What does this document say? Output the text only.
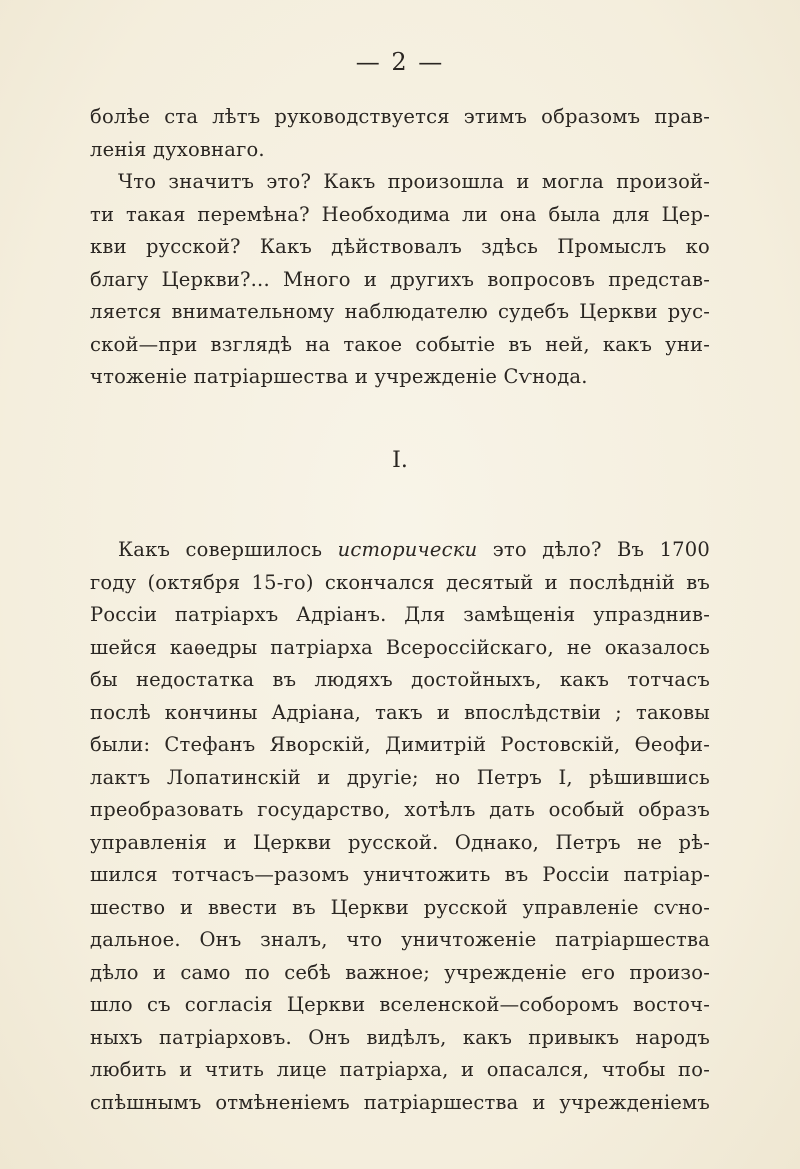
— 2 —
болѣе ста лѣтъ руководствуется этимъ образомъ прав-
ленія духовнаго.
Что значитъ это? Какъ произошла и могла произой-
ти такая перемѣна? Необходима ли она была для Цер-
кви русской? Какъ дѣйствовалъ здѣсь Промыслъ ко
благу Церкви?... Много и другихъ вопросовъ представ-
ляется внимательному наблюдателю судебъ Церкви рус-
ской—при взглядѣ на такое событіе въ ней, какъ уни-
чтоженіе патріаршества и учрежденіе Сѵнода.
I.
Какъ совершилось исторически это дѣло? Въ 1700
году (октября 15-го) скончался десятый и послѣдній въ
Россіи патріархъ Адріанъ. Для замѣщенія упразднив-
шейся каѳедры патріарха Всероссійскаго, не оказалось
бы недостатка въ людяхъ достойныхъ, какъ тотчасъ
послѣ кончины Адріана, такъ и впослѣдствіи ; таковы
были: Стефанъ Яворскій, Димитрій Ростовскій, Ѳеофи-
лактъ Лопатинскій и другіе; но Петръ І, рѣшившись
преобразовать государство, хотѣлъ дать особый образъ
управленія и Церкви русской. Однако, Петръ не рѣ-
шился тотчасъ—разомъ уничтожить въ Россіи патріар-
шество и ввести въ Церкви русской управленіе сѵно-
дальное. Онъ зналъ, что уничтоженіе патріаршества
дѣло и само по себѣ важное; учрежденіе его произо-
шло съ согласія Церкви вселенской—соборомъ восточ-
ныхъ патріарховъ. Онъ видѣлъ, какъ привыкъ народъ
любить и чтить лице патріарха, и опасался, чтобы по-
спѣшнымъ отмѣненіемъ патріаршества и учрежденіемъ
